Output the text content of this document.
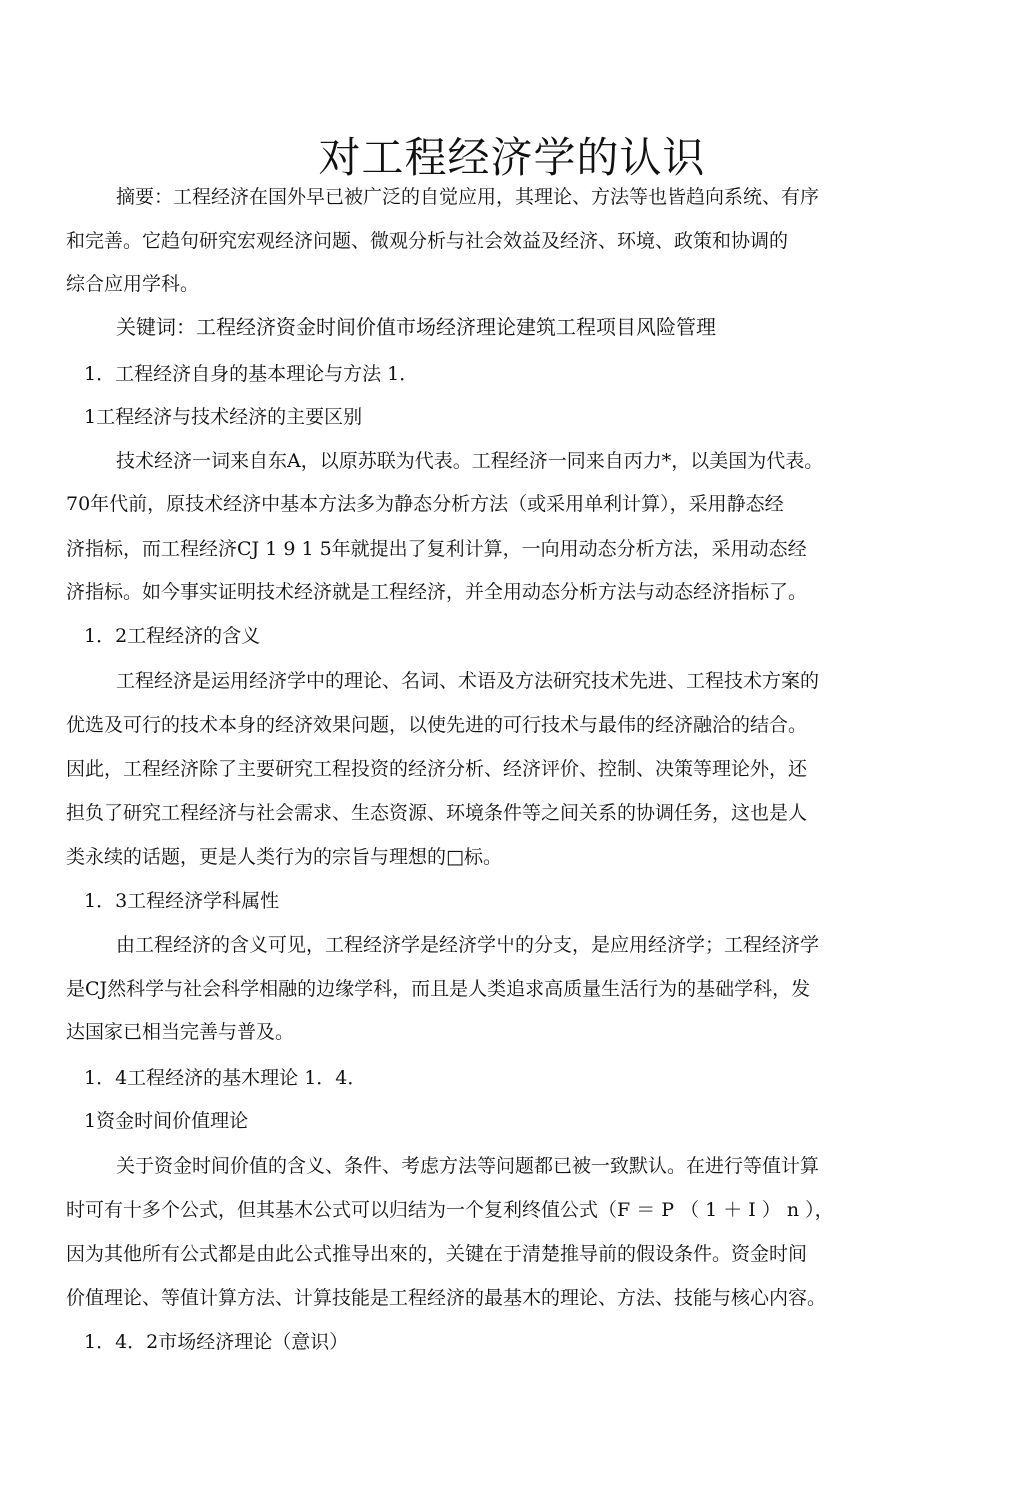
对工程经济学的认识
摘要：工程经济在国外早已被广泛的自觉应用，其理论、方法等也皆趋向系统、有序
和完善。它趋句研究宏观经济问题、微观分析与社会效益及经济、环境、政策和协调的
综合应用学科。
关键词：工程经济资金时间价值市场经济理论建筑工程项目风险管理
1．工程经济自身的基本理论与方法 1．
1工程经济与技术经济的主要区别
技术经济一词来自东A，以原苏联为代表。工程经济一同来自丙力*，以美国为代表。
70年代前，原技术经济中基本方法多为静态分析方法（或采用单利计算），采用静态经
济指标，而工程经济CJ 1 9 1 5年就提出了复利计算，一向用动态分析方法，采用动态经
济指标。如今事实证明技术经济就是工程经济，并全用动态分析方法与动态经济指标了。
1．2工程经济的含义
工程经济是运用经济学中的理论、名词、术语及方法研究技术先进、工程技术方案的
优选及可行的技术本身的经济效果问题，以使先进的可行技术与最伟的经济融洽的结合。
因此，工程经济除了主要研究工程投资的经济分析、经济评价、控制、决策等理论外，还
担负了研究工程经济与社会需求、生态资源、环境条件等之间关系的协调任务，这也是人
类永续的话题，更是人类行为的宗旨与理想的□标。
1．3工程经济学科属性
由工程经济的含义可见，工程经济学是经济学屮的分支，是应用经济学；工程经济学
是CJ然科学与社会科学相融的边缘学科，而且是人类追求高质量生活行为的基础学科，发
达国家已相当完善与普及。
1．4工程经济的基木理论 1．4．
1资金时间价值理论
关于资金时间价值的含义、条件、考虑方法等问题都已被一致默认。在进行等值计算
时可有十多个公式，但其基木公式可以归结为一个复利终值公式（F ＝ P （ 1 ＋ I ） n ），
因为其他所有公式都是由此公式推导出來的，关键在于清楚推导前的假设条件。资金时间
价值理论、等值计算方法、计算技能是工程经济的最基木的理论、方法、技能与核心内容。
1．4．2市场经济理论（意识）
